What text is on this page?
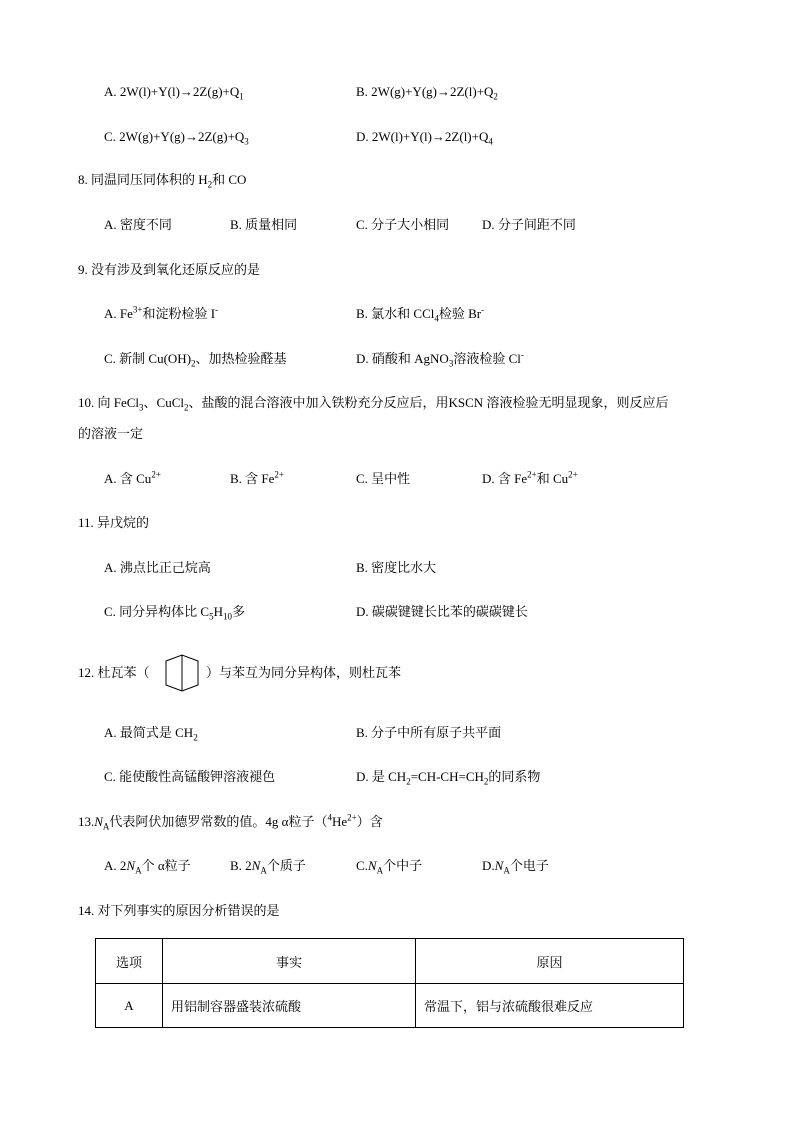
A. $2W(l)+Y(l)\to 2Z(g)+Q_1$	B. $2W(g)+Y(g)\to 2Z(l)+Q_2$
C. $2W(g)+Y(g)\to 2Z(g)+Q_3$	D. $2W(l)+Y(l)\to 2Z(l)+Q_4$
8. 同温同压同体积的 $H_2$和 CO
A. 密度不同	B. 质量相同	C. 分子大小相同	D. 分子间距不同
9. 没有涉及到氧化还原反应的是
A. $Fe^{3+}$和淀粉检验 I-	B. 氯水和 CCl$_4$检验 Br-
C. 新制 $Cu(OH)_2$、加热检验醛基	D. 硝酸和 AgNO$_3$溶液检验 Cl-
10. 向 FeCl$_3$、CuCl$_2$、盐酸的混合溶液中加入铁粉充分反应后，用KSCN 溶液检验无明显现象，则反应后
的溶液一定
A. 含 $Cu^{2+}$	B. 含 $Fe^{2+}$	C. 呈中性	D. 含 $Fe^{2+}$和 $Cu^{2+}$
11. 异戊烷的
A. 沸点比正己烷高	B. 密度比水大
C. 同分异构体比 $C_5H_{10}$多	D. 碳碳键键长比苯的碳碳键长
12. 杜瓦苯（	）与苯互为同分异构体，则杜瓦苯
A. 最简式是 $CH_2$	B. 分子中所有原子共平面
C. 能使酸性高锰酸钾溶液褪色	D. 是 $CH_2=CH-CH=CH_2$的同系物
$13.N_A$代表阿伏加德罗常数的值。4g α粒子$(^4He^{2+})$含
A. $2N_A$个 α粒子	B. $2N_A$个质子	$C.N_A$个中子	$D.N_A$个电子
14. 对下列事实的原因分析错误的是
选项	事实	原因
A	用铝制容器盛装浓硫酸	常温下，铝与浓硫酸很难反应
